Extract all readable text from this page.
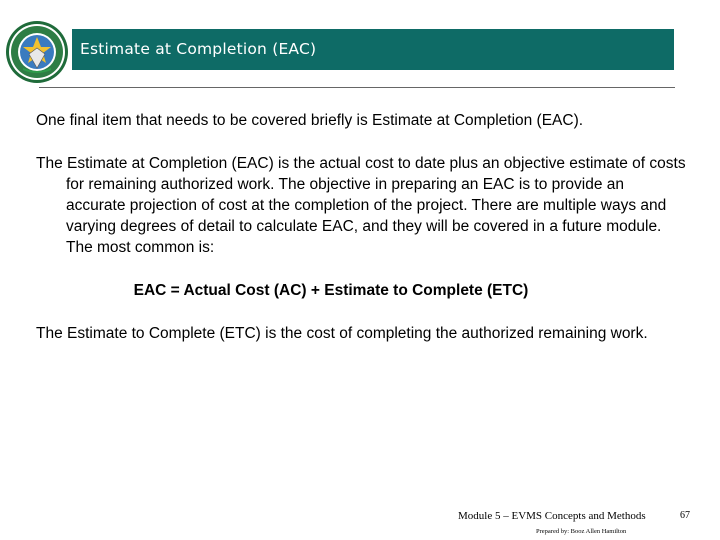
Estimate at Completion (EAC)

One final item that needs to be covered briefly is Estimate at Completion (EAC).

The Estimate at Completion (EAC) is the actual cost to date plus an objective estimate of costs for remaining authorized work. The objective in preparing an EAC is to provide an accurate projection of cost at the completion of the project. There are multiple ways and varying degrees of detail to calculate EAC, and they will be covered in a future module. The most common is:

EAC = Actual Cost (AC) + Estimate to Complete (ETC)

The Estimate to Complete (ETC) is the cost of completing the authorized remaining work.

Module 5 – EVMS Concepts and Methods	67
Prepared by: Booz Allen Hamilton
